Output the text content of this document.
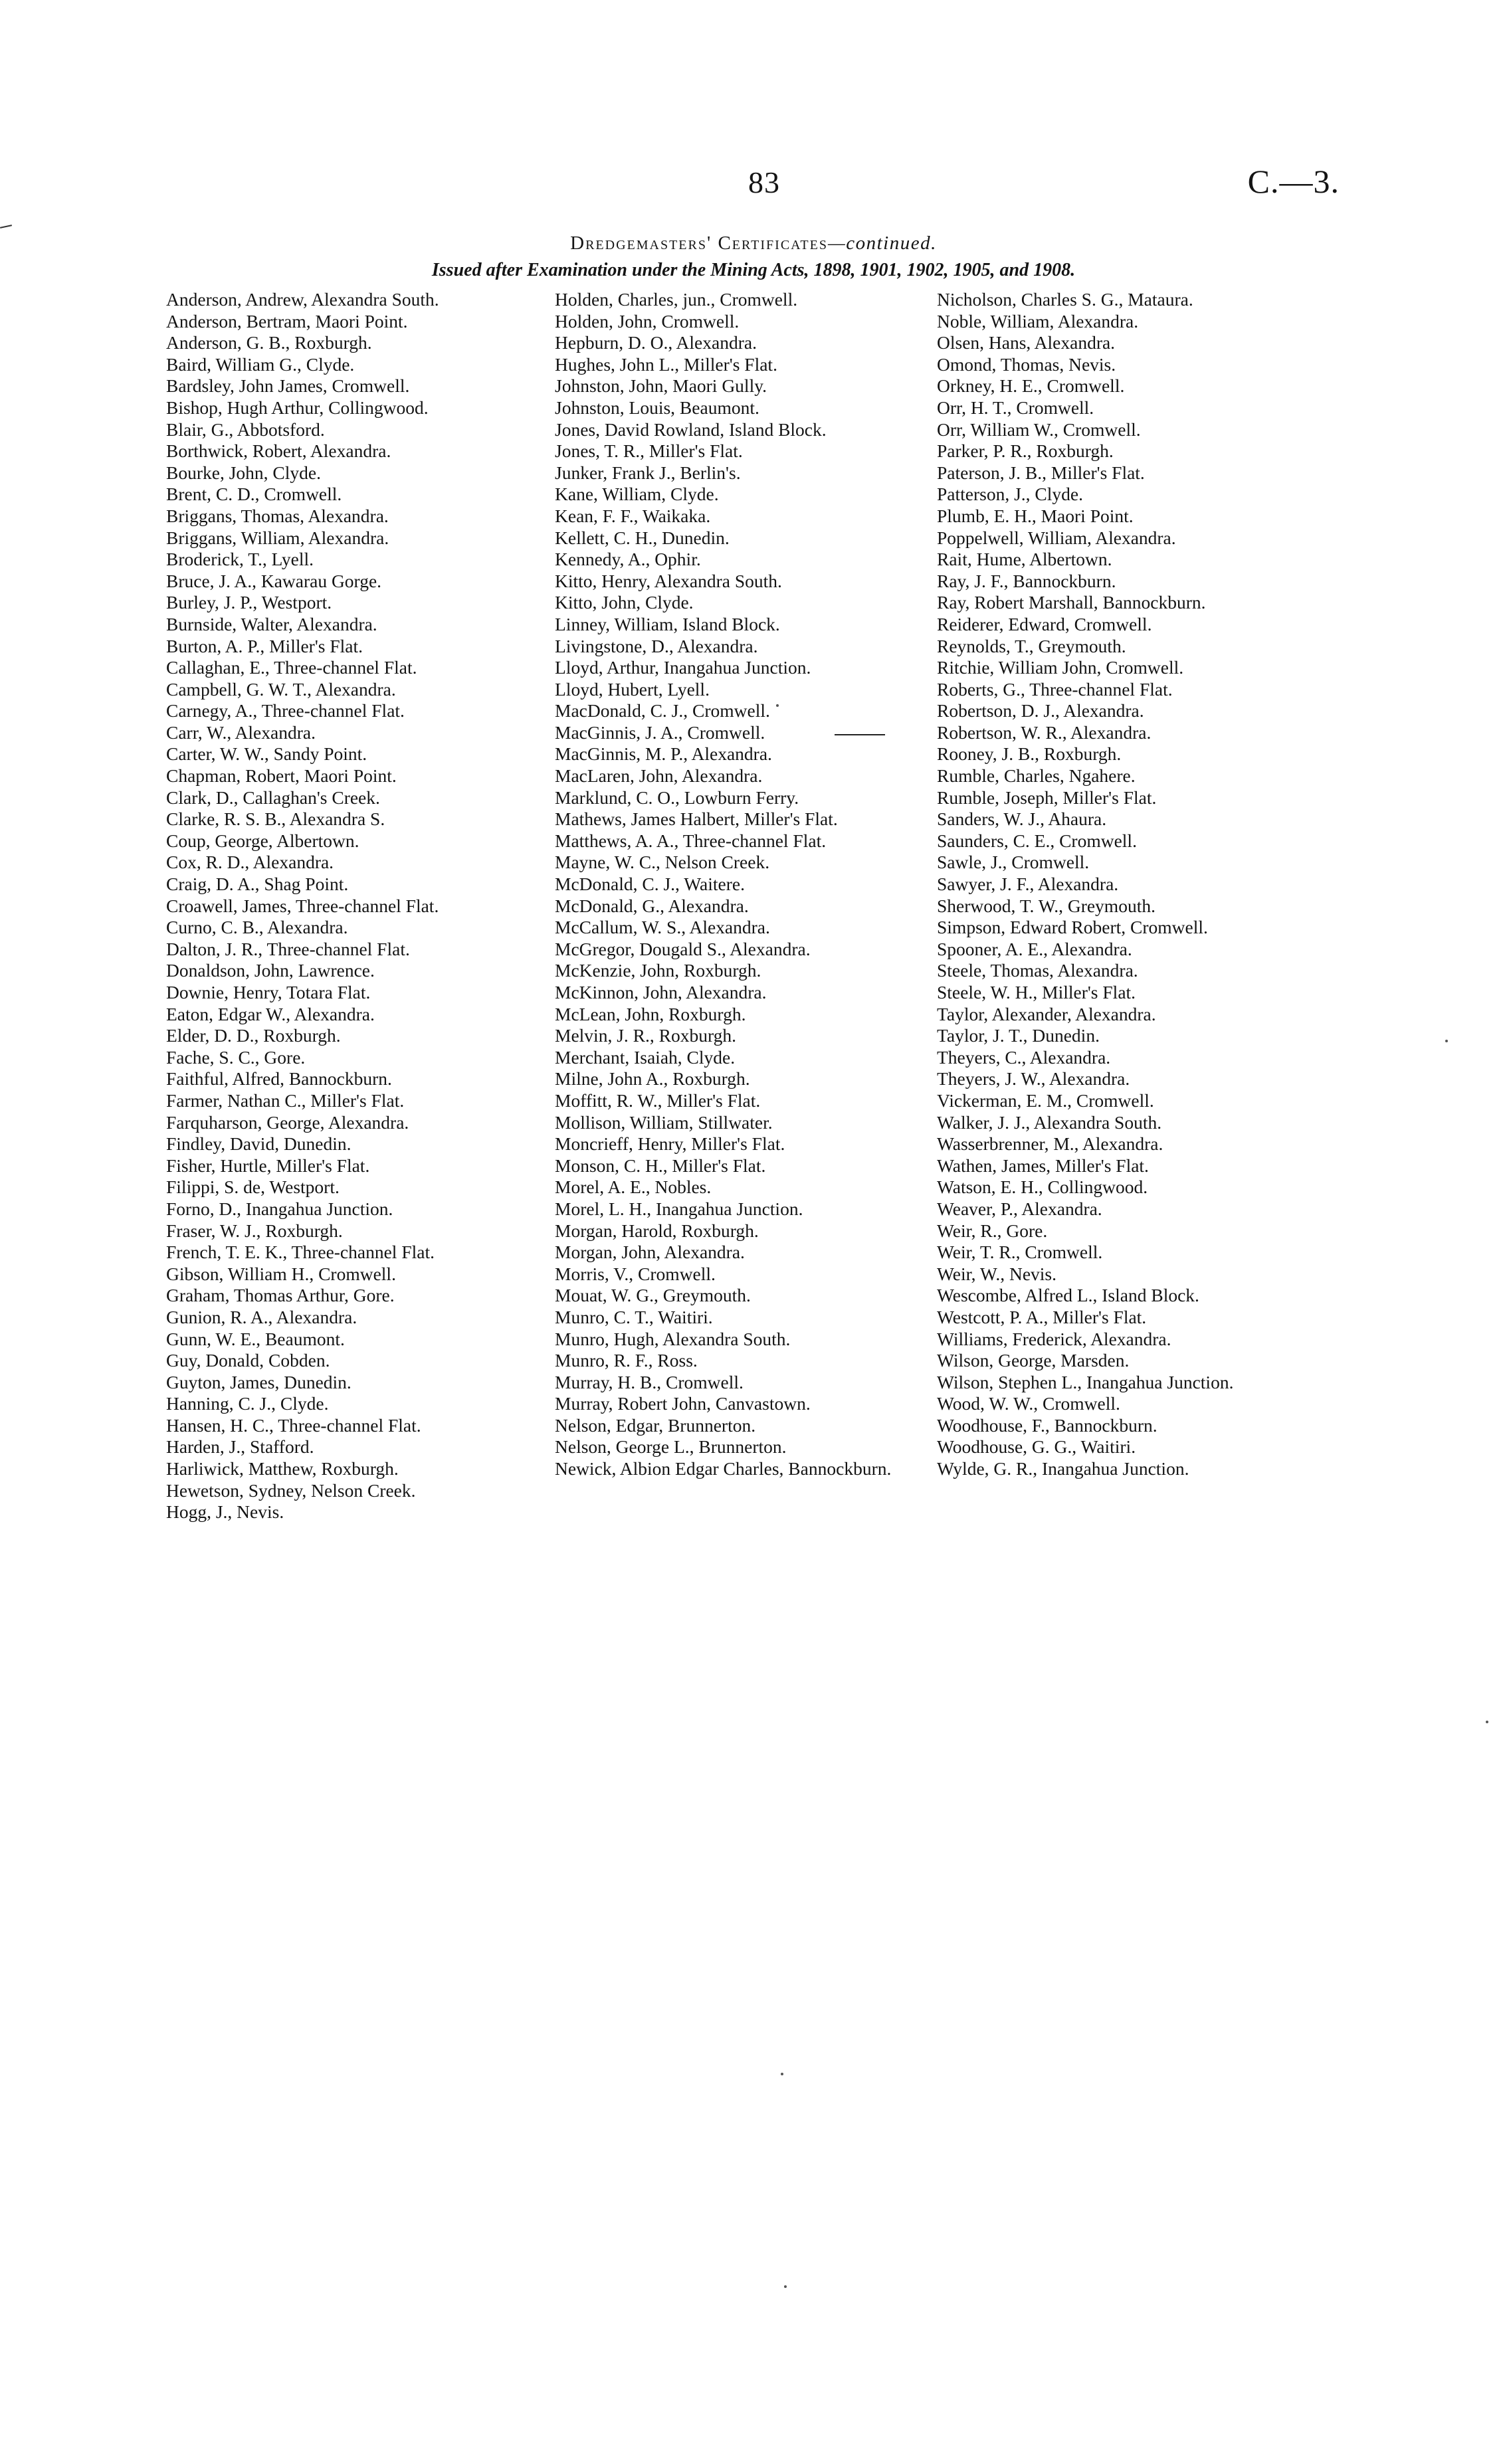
83	C.—3.
Dredgemasters' Certificates—continued.
Issued after Examination under the Mining Acts, 1898, 1901, 1902, 1905, and 1908.
Anderson, Andrew, Alexandra South.
Anderson, Bertram, Maori Point.
Anderson, G. B., Roxburgh.
Baird, William G., Clyde.
Bardsley, John James, Cromwell.
Bishop, Hugh Arthur, Collingwood.
Blair, G., Abbotsford.
Borthwick, Robert, Alexandra.
Bourke, John, Clyde.
Brent, C. D., Cromwell.
Briggans, Thomas, Alexandra.
Briggans, William, Alexandra.
Broderick, T., Lyell.
Bruce, J. A., Kawarau Gorge.
Burley, J. P., Westport.
Burnside, Walter, Alexandra.
Burton, A. P., Miller's Flat.
Callaghan, E., Three-channel Flat.
Campbell, G. W. T., Alexandra.
Carnegy, A., Three-channel Flat.
Carr, W., Alexandra.
Carter, W. W., Sandy Point.
Chapman, Robert, Maori Point.
Clark, D., Callaghan's Creek.
Clarke, R. S. B., Alexandra S.
Coup, George, Albertown.
Cox, R. D., Alexandra.
Craig, D. A., Shag Point.
Croawell, James, Three-channel Flat.
Curno, C. B., Alexandra.
Dalton, J. R., Three-channel Flat.
Donaldson, John, Lawrence.
Downie, Henry, Totara Flat.
Eaton, Edgar W., Alexandra.
Elder, D. D., Roxburgh.
Fache, S. C., Gore.
Faithful, Alfred, Bannockburn.
Farmer, Nathan C., Miller's Flat.
Farquharson, George, Alexandra.
Findley, David, Dunedin.
Fisher, Hurtle, Miller's Flat.
Filippi, S. de, Westport.
Forno, D., Inangahua Junction.
Fraser, W. J., Roxburgh.
French, T. E. K., Three-channel Flat.
Gibson, William H., Cromwell.
Graham, Thomas Arthur, Gore.
Gunion, R. A., Alexandra.
Gunn, W. E., Beaumont.
Guy, Donald, Cobden.
Guyton, James, Dunedin.
Hanning, C. J., Clyde.
Hansen, H. C., Three-channel Flat.
Harden, J., Stafford.
Harliwick, Matthew, Roxburgh.
Hewetson, Sydney, Nelson Creek.
Hogg, J., Nevis.
Holden, Charles, jun., Cromwell.
Holden, John, Cromwell.
Hepburn, D. O., Alexandra.
Hughes, John L., Miller's Flat.
Johnston, John, Maori Gully.
Johnston, Louis, Beaumont.
Jones, David Rowland, Island Block.
Jones, T. R., Miller's Flat.
Junker, Frank J., Berlin's.
Kane, William, Clyde.
Kean, F. F., Waikaka.
Kellett, C. H., Dunedin.
Kennedy, A., Ophir.
Kitto, Henry, Alexandra South.
Kitto, John, Clyde.
Linney, William, Island Block.
Livingstone, D., Alexandra.
Lloyd, Arthur, Inangahua Junction.
Lloyd, Hubert, Lyell.
MacDonald, C. J., Cromwell.
MacGinnis, J. A., Cromwell.
MacGinnis, M. P., Alexandra.
MacLaren, John, Alexandra.
Marklund, C. O., Lowburn Ferry.
Mathews, James Halbert, Miller's Flat.
Matthews, A. A., Three-channel Flat.
Mayne, W. C., Nelson Creek.
McDonald, C. J., Waitere.
McDonald, G., Alexandra.
McCallum, W. S., Alexandra.
McGregor, Dougald S., Alexandra.
McKenzie, John, Roxburgh.
McKinnon, John, Alexandra.
McLean, John, Roxburgh.
Melvin, J. R., Roxburgh.
Merchant, Isaiah, Clyde.
Milne, John A., Roxburgh.
Moffitt, R. W., Miller's Flat.
Mollison, William, Stillwater.
Moncrieff, Henry, Miller's Flat.
Monson, C. H., Miller's Flat.
Morel, A. E., Nobles.
Morel, L. H., Inangahua Junction.
Morgan, Harold, Roxburgh.
Morgan, John, Alexandra.
Morris, V., Cromwell.
Mouat, W. G., Greymouth.
Munro, C. T., Waitiri.
Munro, Hugh, Alexandra South.
Munro, R. F., Ross.
Murray, H. B., Cromwell.
Murray, Robert John, Canvastown.
Nelson, Edgar, Brunnerton.
Nelson, George L., Brunnerton.
Newick, Albion Edgar Charles, Bannockburn.
Nicholson, Charles S. G., Mataura.
Noble, William, Alexandra.
Olsen, Hans, Alexandra.
Omond, Thomas, Nevis.
Orkney, H. E., Cromwell.
Orr, H. T., Cromwell.
Orr, William W., Cromwell.
Parker, P. R., Roxburgh.
Paterson, J. B., Miller's Flat.
Patterson, J., Clyde.
Plumb, E. H., Maori Point.
Poppelwell, William, Alexandra.
Rait, Hume, Albertown.
Ray, J. F., Bannockburn.
Ray, Robert Marshall, Bannockburn.
Reiderer, Edward, Cromwell.
Reynolds, T., Greymouth.
Ritchie, William John, Cromwell.
Roberts, G., Three-channel Flat.
Robertson, D. J., Alexandra.
Robertson, W. R., Alexandra.
Rooney, J. B., Roxburgh.
Rumble, Charles, Ngahere.
Rumble, Joseph, Miller's Flat.
Sanders, W. J., Ahaura.
Saunders, C. E., Cromwell.
Sawle, J., Cromwell.
Sawyer, J. F., Alexandra.
Sherwood, T. W., Greymouth.
Simpson, Edward Robert, Cromwell.
Spooner, A. E., Alexandra.
Steele, Thomas, Alexandra.
Steele, W. H., Miller's Flat.
Taylor, Alexander, Alexandra.
Taylor, J. T., Dunedin.
Theyers, C., Alexandra.
Theyers, J. W., Alexandra.
Vickerman, E. M., Cromwell.
Walker, J. J., Alexandra South.
Wasserbrenner, M., Alexandra.
Wathen, James, Miller's Flat.
Watson, E. H., Collingwood.
Weaver, P., Alexandra.
Weir, R., Gore.
Weir, T. R., Cromwell.
Weir, W., Nevis.
Wescombe, Alfred L., Island Block.
Westcott, P. A., Miller's Flat.
Williams, Frederick, Alexandra.
Wilson, George, Marsden.
Wilson, Stephen L., Inangahua Junction.
Wood, W. W., Cromwell.
Woodhouse, F., Bannockburn.
Woodhouse, G. G., Waitiri.
Wylde, G. R., Inangahua Junction.
